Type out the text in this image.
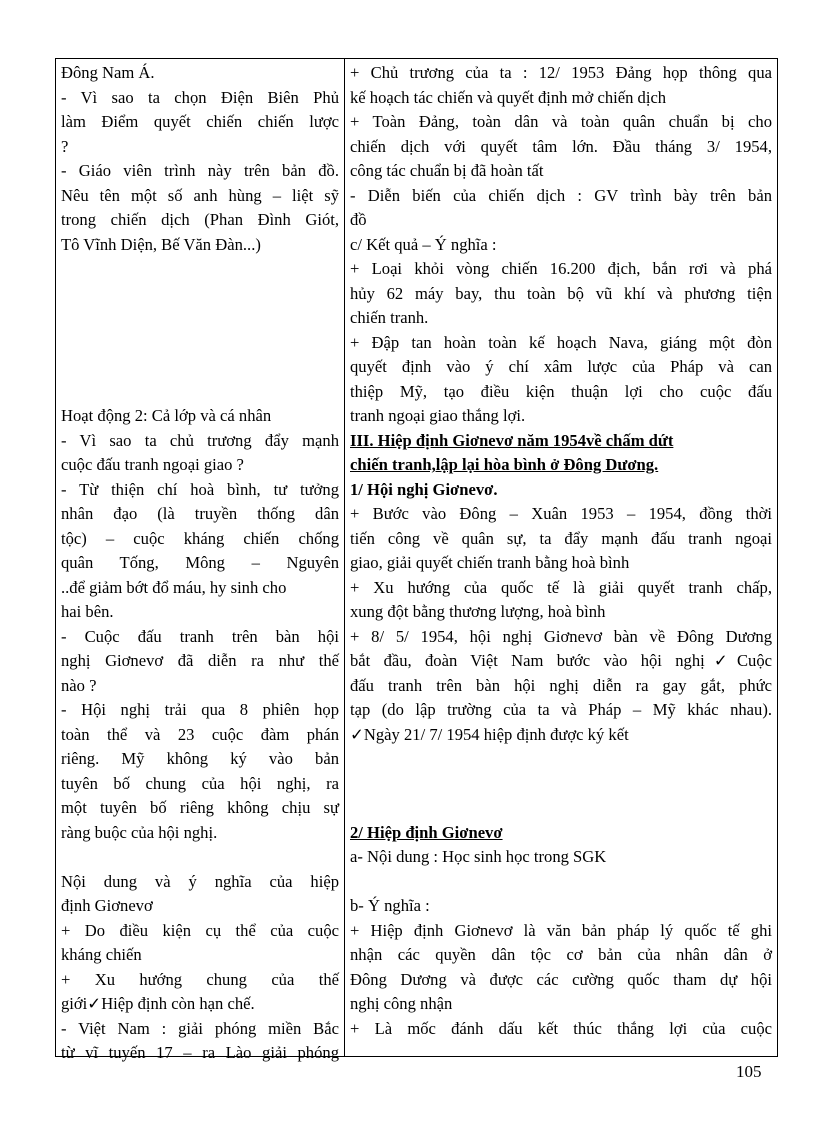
Đông Nam Á.
- Vì sao ta chọn Điện Biên Phủ
làm Điểm quyết chiến chiến lược
?
- Giáo viên trình này trên bản đồ.
Nêu tên một số anh hùng – liệt sỹ
trong chiến dịch (Phan Đình Giót,
Tô Vĩnh Diện, Bế Văn Đàn...)
Hoạt động 2: Cả lớp và cá nhân
- Vì sao ta chủ trương đẩy mạnh
cuộc đấu tranh ngoại giao ?
- Từ thiện chí hoà bình, tư tưởng
nhân đạo (là truyền thống dân
tộc) – cuộc kháng chiến chống
quân Tống, Mông – Nguyên
..để giảm bớt đổ máu, hy sinh cho
hai bên.
- Cuộc đấu tranh trên bàn hội
nghị Giơnevơ đã diễn ra như thế
nào ?
- Hội nghị trải qua 8 phiên họp
toàn thể và 23 cuộc đàm phán
riêng. Mỹ không ký vào bản
tuyên bố chung của hội nghị, ra
một tuyên bố riêng không chịu sự
ràng buộc của hội nghị.
Nội dung và ý nghĩa của hiệp
định Giơnevơ
+ Do điều kiện cụ thể của cuộc
kháng chiến
+ Xu hướng chung của thế
giới✓Hiệp định còn hạn chế.
- Việt Nam : giải phóng miền Bắc
từ vĩ tuyến 17 – ra Lào giải phóng
+ Chủ trương của ta : 12/ 1953 Đảng họp thông qua
kế hoạch tác chiến và quyết định mở chiến dịch
+ Toàn Đảng, toàn dân và toàn quân chuẩn bị cho
chiến dịch với quyết tâm lớn. Đầu tháng 3/ 1954,
công tác chuẩn bị đã hoàn tất
- Diễn biến của chiến dịch : GV trình bày trên bản
đồ
c/ Kết quả – Ý nghĩa :
+ Loại khỏi vòng chiến 16.200 địch, bắn rơi và phá
hủy 62 máy bay, thu toàn bộ vũ khí và phương tiện
chiến tranh.
+ Đập tan hoàn toàn kế hoạch Nava, giáng một đòn
quyết định vào ý chí xâm lược của Pháp và can
thiệp Mỹ, tạo điều kiện thuận lợi cho cuộc đấu
tranh ngoại giao thắng lợi.
III. Hiệp định Giơnevơ năm 1954về chấm dứt
chiến tranh,lập lại hòa bình ở Đông Dương.
1/ Hội nghị Giơnevơ.
+ Bước vào Đông – Xuân 1953 – 1954, đồng thời
tiến công về quân sự, ta đẩy mạnh đấu tranh ngoại
giao, giải quyết chiến tranh bằng hoà bình
+ Xu hướng của quốc tế là giải quyết tranh chấp,
xung đột bằng thương lượng, hoà bình
+ 8/ 5/ 1954, hội nghị Giơnevơ bàn về Đông Dương
bắt đầu, đoàn Việt Nam bước vào hội nghị✓Cuộc
đấu tranh trên bàn hội nghị diễn ra gay gắt, phức
tạp (do lập trường của ta và Pháp – Mỹ khác nhau).
✓Ngày 21/ 7/ 1954 hiệp định được ký kết
2/ Hiệp định Giơnevơ
a- Nội dung : Học sinh học trong SGK
b- Ý nghĩa :
+ Hiệp định Giơnevơ là văn bản pháp lý quốc tế ghi
nhận các quyền dân tộc cơ bản của nhân dân ở
Đông Dương và được các cường quốc tham dự hội
nghị công nhận
+ Là mốc đánh dấu kết thúc thắng lợi của cuộc
105
